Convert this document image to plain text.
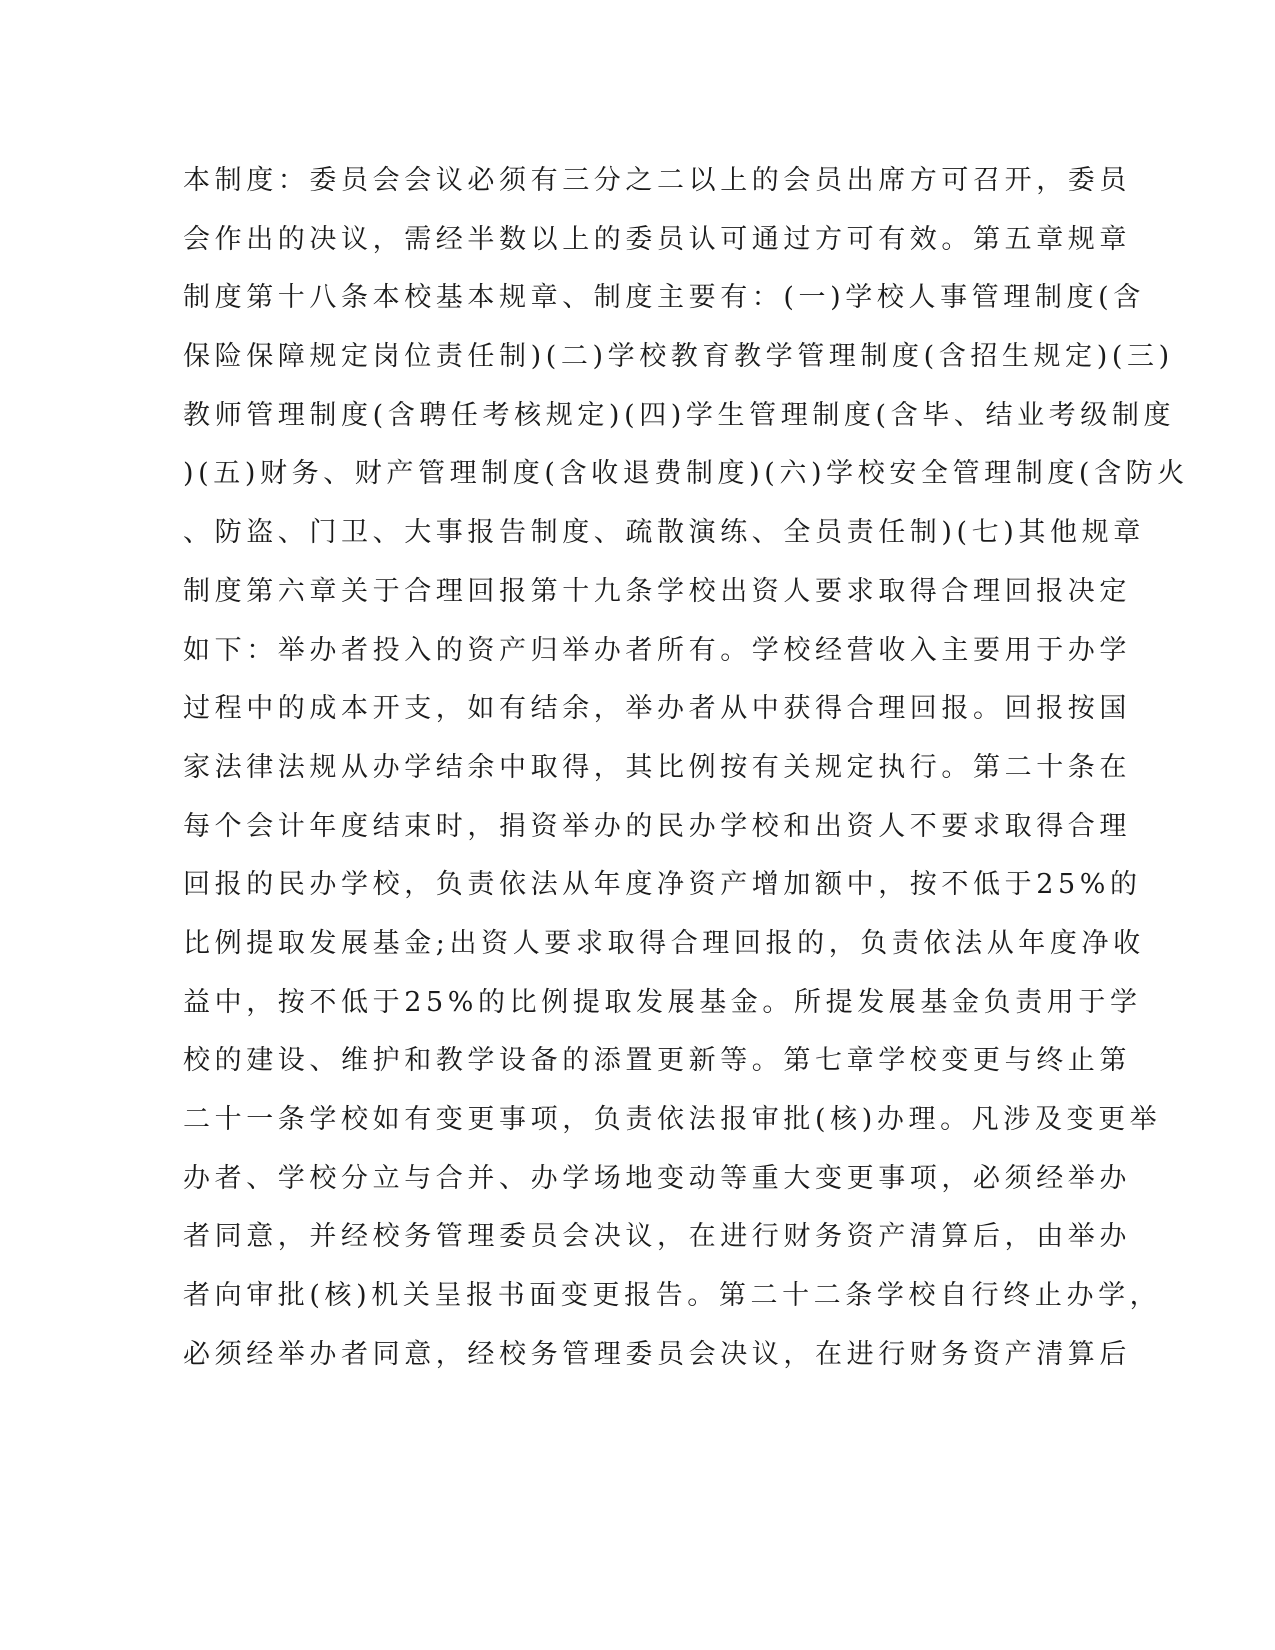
本制度：委员会会议必须有三分之二以上的会员出席方可召开，委员
会作出的决议，需经半数以上的委员认可通过方可有效。第五章规章
制度第十八条本校基本规章、制度主要有：(一)学校人事管理制度(含
保险保障规定岗位责任制)(二)学校教育教学管理制度(含招生规定)(三)
教师管理制度(含聘任考核规定)(四)学生管理制度(含毕、结业考级制度
)(五)财务、财产管理制度(含收退费制度)(六)学校安全管理制度(含防火
、防盗、门卫、大事报告制度、疏散演练、全员责任制)(七)其他规章
制度第六章关于合理回报第十九条学校出资人要求取得合理回报决定
如下：举办者投入的资产归举办者所有。学校经营收入主要用于办学
过程中的成本开支，如有结余，举办者从中获得合理回报。回报按国
家法律法规从办学结余中取得，其比例按有关规定执行。第二十条在
每个会计年度结束时，捐资举办的民办学校和出资人不要求取得合理
回报的民办学校，负责依法从年度净资产增加额中，按不低于25%的
比例提取发展基金;出资人要求取得合理回报的，负责依法从年度净收
益中，按不低于25%的比例提取发展基金。所提发展基金负责用于学
校的建设、维护和教学设备的添置更新等。第七章学校变更与终止第
二十一条学校如有变更事项，负责依法报审批(核)办理。凡涉及变更举
办者、学校分立与合并、办学场地变动等重大变更事项，必须经举办
者同意，并经校务管理委员会决议，在进行财务资产清算后，由举办
者向审批(核)机关呈报书面变更报告。第二十二条学校自行终止办学，
必须经举办者同意，经校务管理委员会决议，在进行财务资产清算后
